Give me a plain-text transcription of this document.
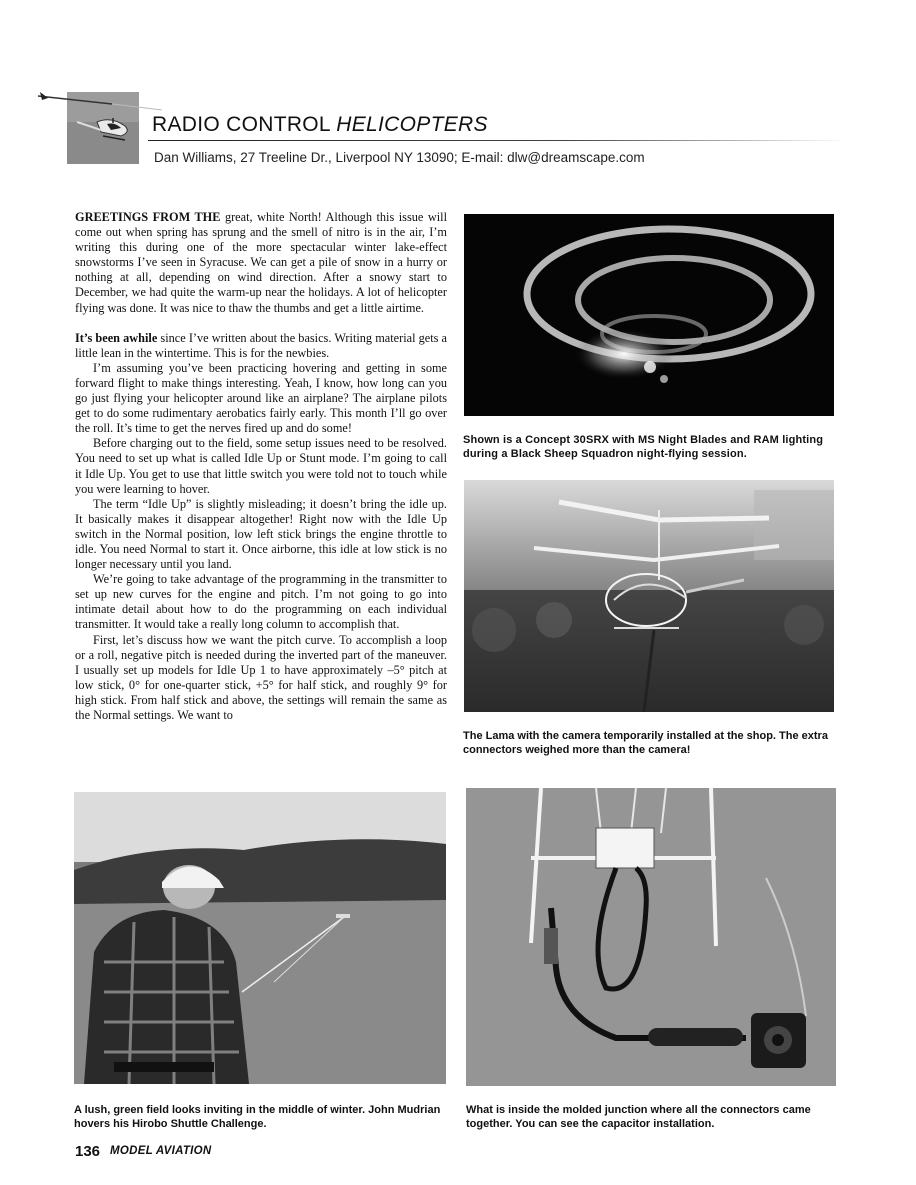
RADIO CONTROL HELICOPTERS
Dan Williams, 27 Treeline Dr., Liverpool NY 13090; E-mail: dlw@dreamscape.com

GREETINGS FROM THE great, white North! Although this issue will come out when spring has sprung and the smell of nitro is in the air, I’m writing this during one of the more spectacular winter lake-effect snowstorms I’ve seen in Syracuse. We can get a pile of snow in a hurry or nothing at all, depending on wind direction. After a snowy start to December, we had quite the warm-up near the holidays. A lot of helicopter flying was done. It was nice to thaw the thumbs and get a little airtime.

It’s been awhile since I’ve written about the basics. Writing material gets a little lean in the wintertime. This is for the newbies.

I’m assuming you’ve been practicing hovering and getting in some forward flight to make things interesting. Yeah, I know, how long can you go just flying your helicopter around like an airplane? The airplane pilots get to do some rudimentary aerobatics fairly early. This month I’ll go over the roll. It’s time to get the nerves fired up and do some!

Before charging out to the field, some setup issues need to be resolved. You need to set up what is called Idle Up or Stunt mode. I’m going to call it Idle Up. You get to use that little switch you were told not to touch while you were learning to hover.

The term “Idle Up” is slightly misleading; it doesn’t bring the idle up. It basically makes it disappear altogether! Right now with the Idle Up switch in the Normal position, low left stick brings the engine throttle to idle. You need Normal to start it. Once airborne, this idle at low stick is no longer necessary until you land.

We’re going to take advantage of the programming in the transmitter to set up new curves for the engine and pitch. I’m not going to go into intimate detail about how to do the programming on each individual transmitter. It would take a really long column to accomplish that.

First, let’s discuss how we want the pitch curve. To accomplish a loop or a roll, negative pitch is needed during the inverted part of the maneuver. I usually set up models for Idle Up 1 to have approximately –5° pitch at low stick, 0° for one-quarter stick, +5° for half stick, and roughly 9° for high stick. From half stick and above, the settings will remain the same as the Normal settings. We want to

Shown is a Concept 30SRX with MS Night Blades and RAM lighting during a Black Sheep Squadron night-flying session.
The Lama with the camera temporarily installed at the shop. The extra connectors weighed more than the camera!
A lush, green field looks inviting in the middle of winter. John Mudrian hovers his Hirobo Shuttle Challenge.
What is inside the molded junction where all the connectors came together. You can see the capacitor installation.
136 MODEL AVIATION
